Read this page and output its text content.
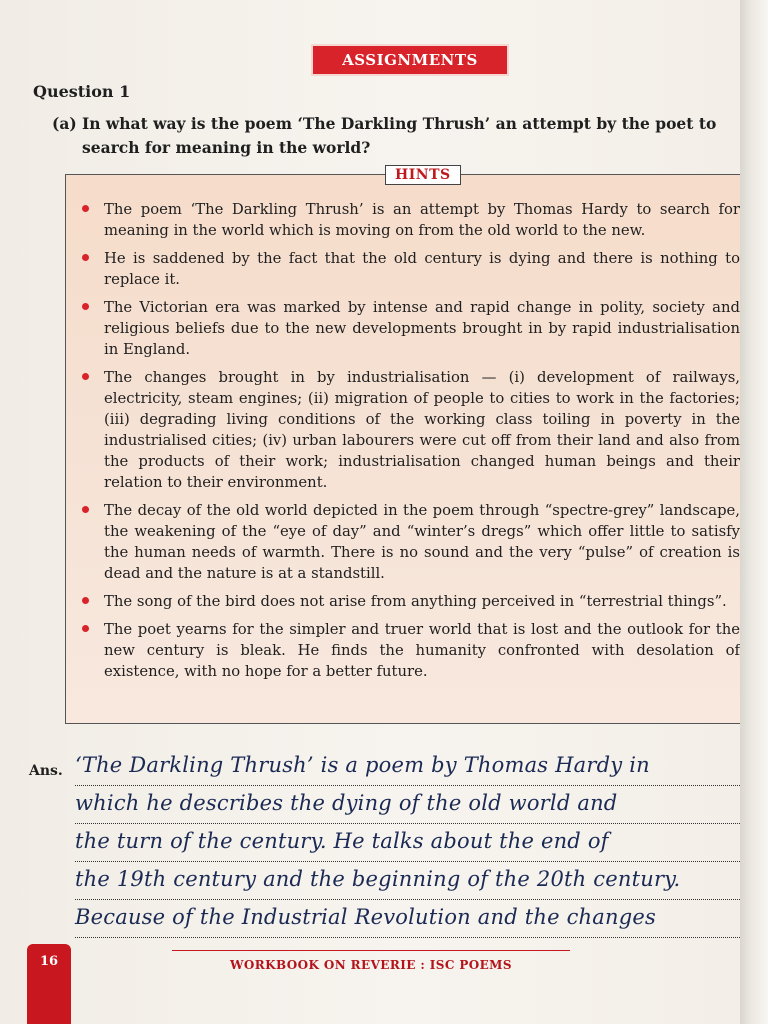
ASSIGNMENTS
Question 1
(a) In what way is the poem ‘The Darkling Thrush’ an attempt by the poet to search for meaning in the world?
HINTS
The poem ‘The Darkling Thrush’ is an attempt by Thomas Hardy to search for meaning in the world which is moving on from the old world to the new.
He is saddened by the fact that the old century is dying and there is nothing to replace it.
The Victorian era was marked by intense and rapid change in polity, society and religious beliefs due to the new developments brought in by rapid industrialisation in England.
The changes brought in by industrialisation — (i) development of railways, electricity, steam engines; (ii) migration of people to cities to work in the factories; (iii) degrading living conditions of the working class toiling in poverty in the industrialised cities; (iv) urban labourers were cut off from their land and also from the products of their work; industrialisation changed human beings and their relation to their environment.
The decay of the old world depicted in the poem through “spectre-grey” landscape, the weakening of the “eye of day” and “winter’s dregs” which offer little to satisfy the human needs of warmth. There is no sound and the very “pulse” of creation is dead and the nature is at a standstill.
The song of the bird does not arise from anything perceived in “terrestrial things”.
The poet yearns for the simpler and truer world that is lost and the outlook for the new century is bleak. He finds the humanity confronted with desolation of existence, with no hope for a better future.
Ans. ‘The Darkling Thrush’ is a poem by Thomas Hardy in
which he describes the dying of the old world and
the turn of the century. He talks about the end of
the 19th century and the beginning of the 20th century.
Because of the Industrial Revolution and the changes
16	WORKBOOK ON REVERIE : ISC POEMS
